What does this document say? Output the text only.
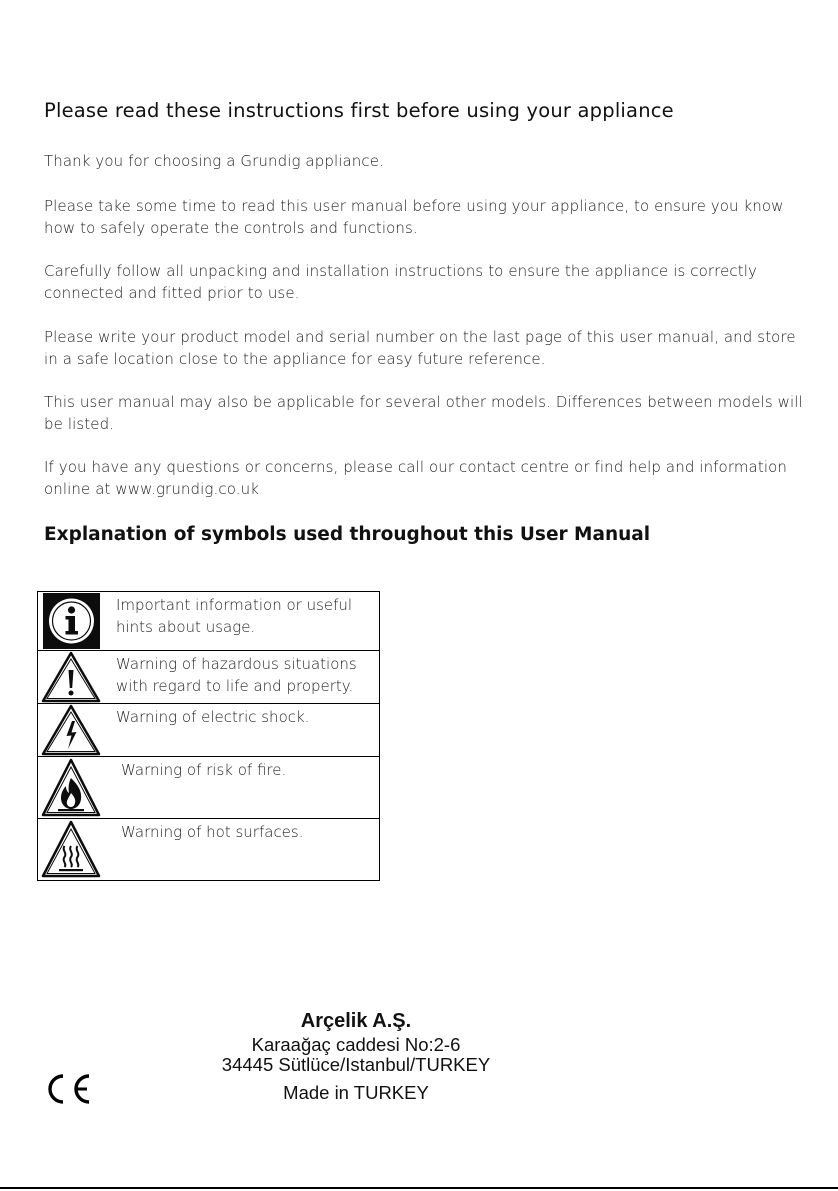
Please read these instructions first before using your appliance

Thank you for choosing a Grundig appliance.

Please take some time to read this user manual before using your appliance, to ensure you know how to safely operate the controls and functions.

Carefully follow all unpacking and installation instructions to ensure the appliance is correctly connected and fitted prior to use.

Please write your product model and serial number on the last page of this user manual, and store in a safe location close to the appliance for easy future reference.

This user manual may also be applicable for several other models. Differences between models will be listed.

If you have any questions or concerns, please call our contact centre or find help and information online at www.grundig.co.uk

Explanation of symbols used throughout this User Manual
Important information or useful hints about usage.
Warning of hazardous situations with regard to life and property.
Warning of electric shock.
Warning of risk of fire.
Warning of hot surfaces.
Arçelik A.Ş.
Karaağaç caddesi No:2-6
34445 Sütlüce/Istanbul/TURKEY
Made in TURKEY
